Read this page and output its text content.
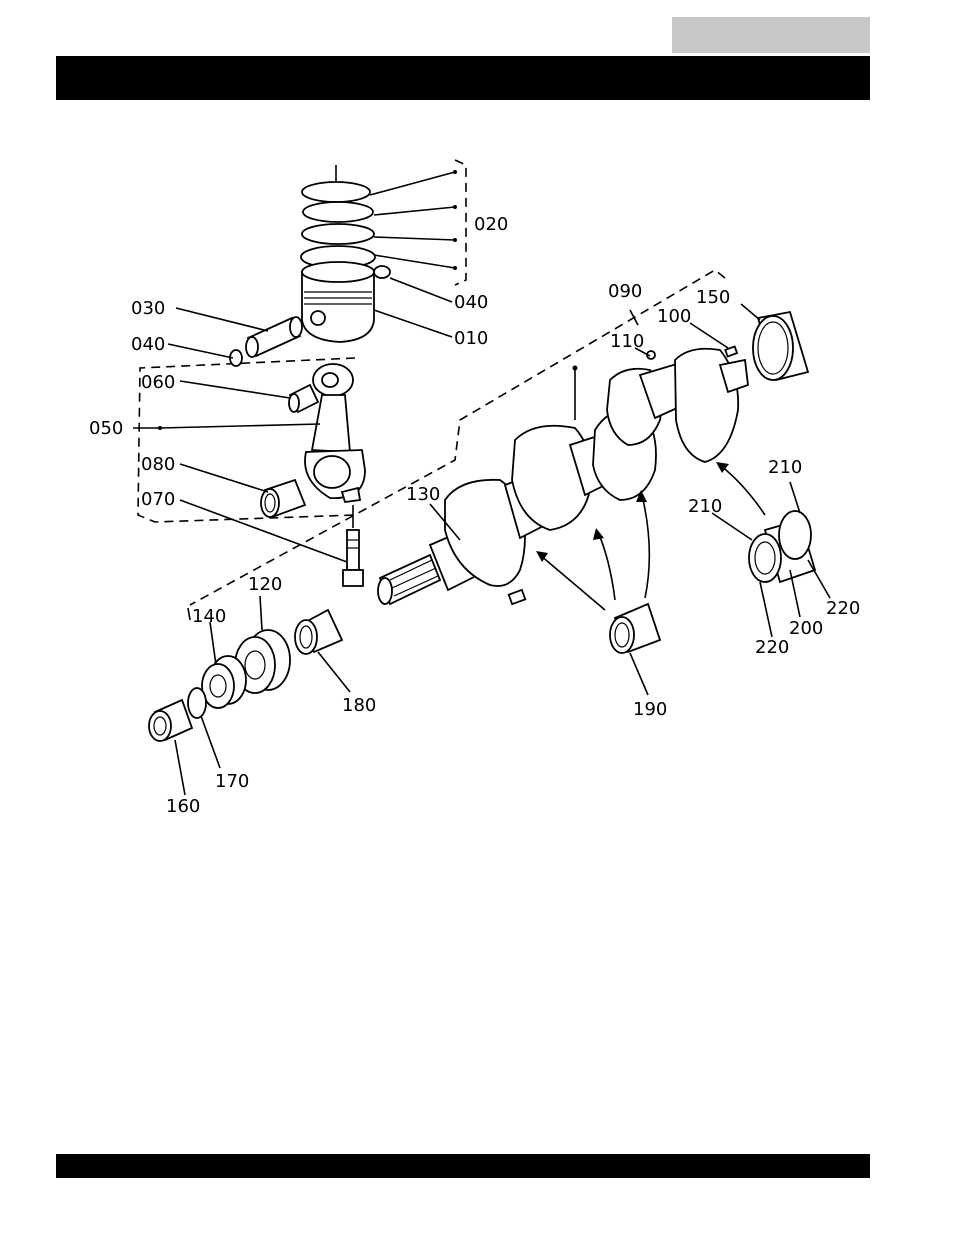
020
040
010
030
040
060
050
080
070
090	150
100
110
130
120
140
210
210
220
200
220
180	190
170
160
